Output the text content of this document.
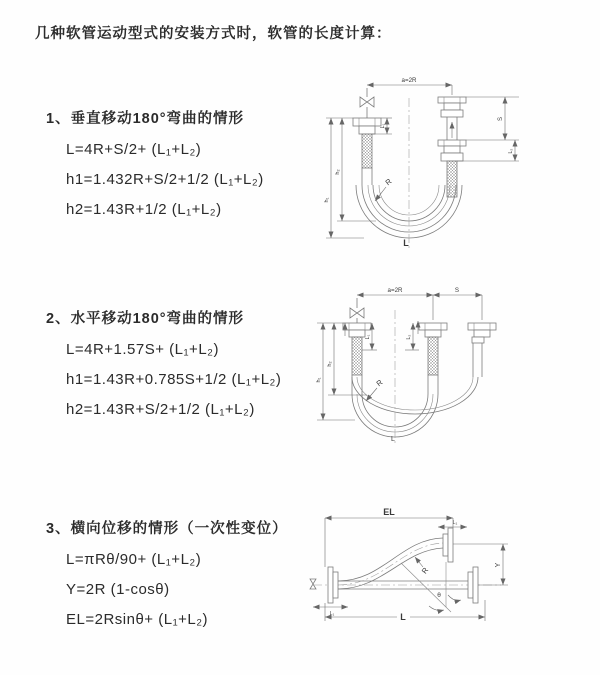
几种软管运动型式的安装方式时，软管的长度计算：
1、垂直移动180°弯曲的情形
L=4R+S/2+ (L₁+L₂)
h1=1.432R+S/2+1/2 (L₁+L₂)
h2=1.43R+1/2 (L₁+L₂)
2、水平移动180°弯曲的情形
L=4R+1.57S+ (L₁+L₂)
h1=1.43R+0.785S+1/2 (L₁+L₂)
h2=1.43R+S/2+1/2 (L₁+L₂)
3、横向位移的情形（一次性变位）
L=πRθ/90+ (L₁+L₂)
Y=2R (1-cosθ)
EL=2Rsinθ+ (L₁+L₂)
a=2R
h₁
h₂
L₁
S
L₂
R
L
a=2R	S
h₁
h₂
L₁	L₂
R
L
EL
L₁
Y
θ
R
L₁	L
